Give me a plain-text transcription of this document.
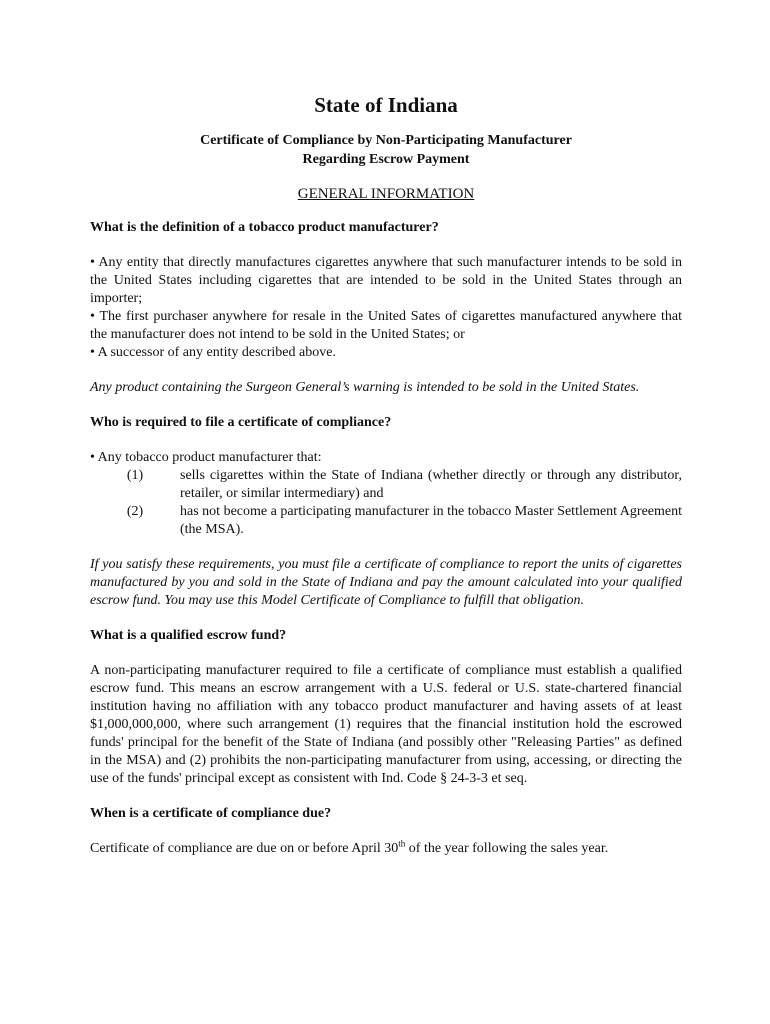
State of Indiana
Certificate of Compliance by Non-Participating Manufacturer
Regarding Escrow Payment
GENERAL INFORMATION
What is the definition of a tobacco product manufacturer?
• Any entity that directly manufactures cigarettes anywhere that such manufacturer intends to be sold in the United States including cigarettes that are intended to be sold in the United States through an importer;
• The first purchaser anywhere for resale in the United Sates of cigarettes manufactured anywhere that the manufacturer does not intend to be sold in the United States; or
• A successor of any entity described above.
Any product containing the Surgeon General’s warning is intended to be sold in the United States.
Who is required to file a certificate of compliance?
• Any tobacco product manufacturer that:
(1)	sells cigarettes within the State of Indiana (whether directly or through any distributor, retailer, or similar intermediary) and
(2)	has not become a participating manufacturer in the tobacco Master Settlement Agreement (the MSA).
If you satisfy these requirements, you must file a certificate of compliance to report the units of cigarettes manufactured by you and sold in the State of Indiana and pay the amount calculated into your qualified escrow fund. You may use this Model Certificate of Compliance to fulfill that obligation.
What is a qualified escrow fund?
A non-participating manufacturer required to file a certificate of compliance must establish a qualified escrow fund. This means an escrow arrangement with a U.S. federal or U.S. state-chartered financial institution having no affiliation with any tobacco product manufacturer and having assets of at least $1,000,000,000, where such arrangement (1) requires that the financial institution hold the escrowed funds' principal for the benefit of the State of Indiana (and possibly other "Releasing Parties" as defined in the MSA) and (2) prohibits the non-participating manufacturer from using, accessing, or directing the use of the funds' principal except as consistent with Ind. Code § 24-3-3 et seq.
When is a certificate of compliance due?
Certificate of compliance are due on or before April 30th of the year following the sales year.
